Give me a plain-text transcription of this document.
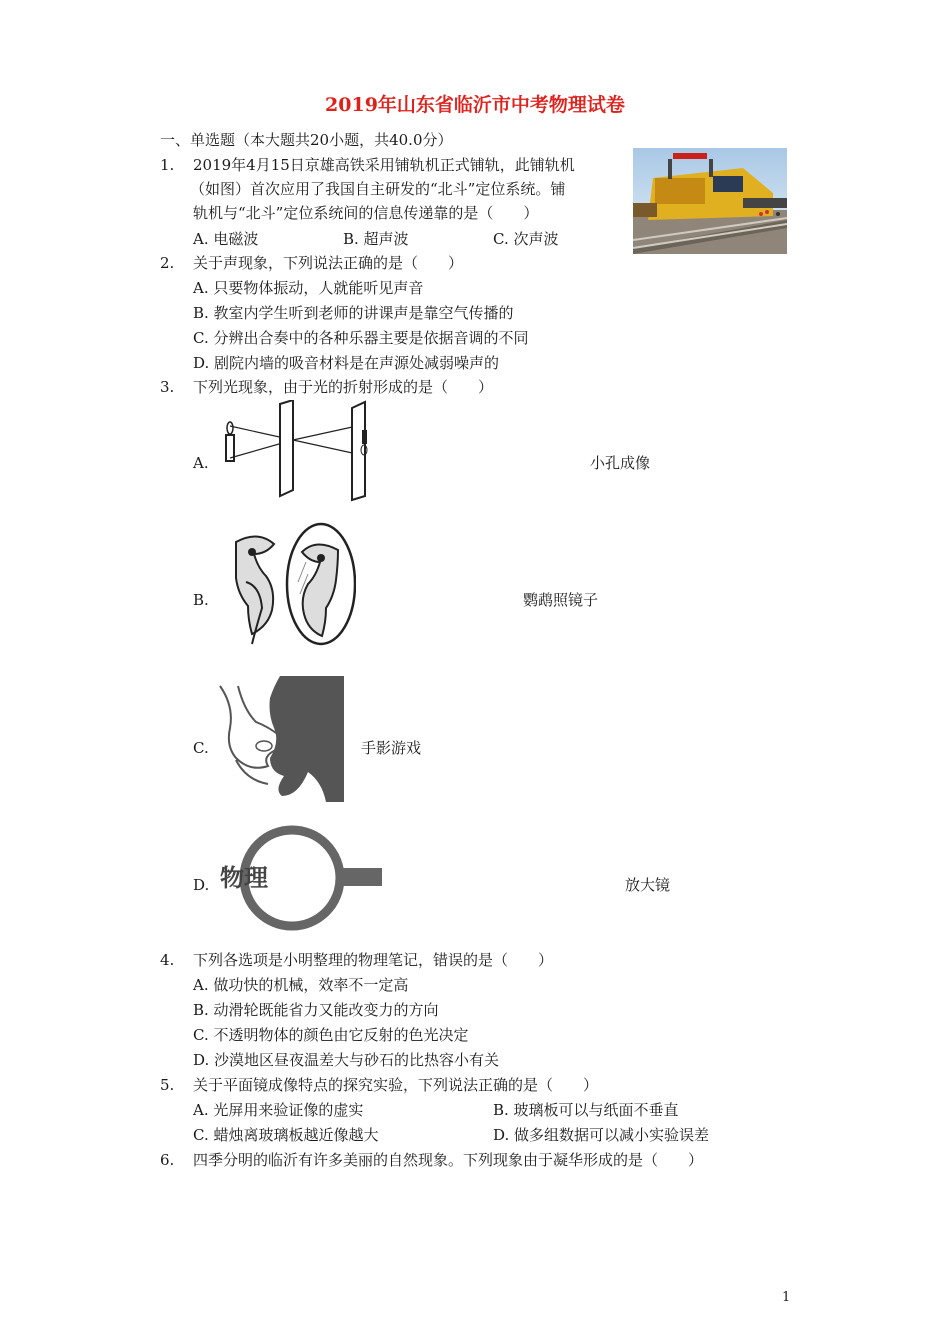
2019年山东省临沂市中考物理试卷
一、单选题（本大题共20小题，共40.0分）
1. 2019年4月15日京雄高铁采用铺轨机正式铺轨，此铺轨机
（如图）首次应用了我国自主研发的“北斗”定位系统。铺
轨机与“北斗”定位系统间的信息传递靠的是（　　）
A. 电磁波	B. 超声波	C. 次声波
2. 关于声现象，下列说法正确的是（　　）
A. 只要物体振动，人就能听见声音
B. 教室内学生听到老师的讲课声是靠空气传播的
C. 分辨出合奏中的各种乐器主要是依据音调的不同
D. 剧院内墙的吸音材料是在声源处减弱噪声的
3. 下列光现象，由于光的折射形成的是（　　）
A.	小孔成像
B.	鹦鹉照镜子
C.	手影游戏
D. 物理	放大镜
4. 下列各选项是小明整理的物理笔记，错误的是（　　）
A. 做功快的机械，效率不一定高
B. 动滑轮既能省力又能改变力的方向
C. 不透明物体的颜色由它反射的色光决定
D. 沙漠地区昼夜温差大与砂石的比热容小有关
5. 关于平面镜成像特点的探究实验，下列说法正确的是（　　）
A. 光屏用来验证像的虚实	B. 玻璃板可以与纸面不垂直
C. 蜡烛离玻璃板越近像越大	D. 做多组数据可以减小实验误差
6. 四季分明的临沂有许多美丽的自然现象。下列现象由于凝华形成的是（　　）
1
